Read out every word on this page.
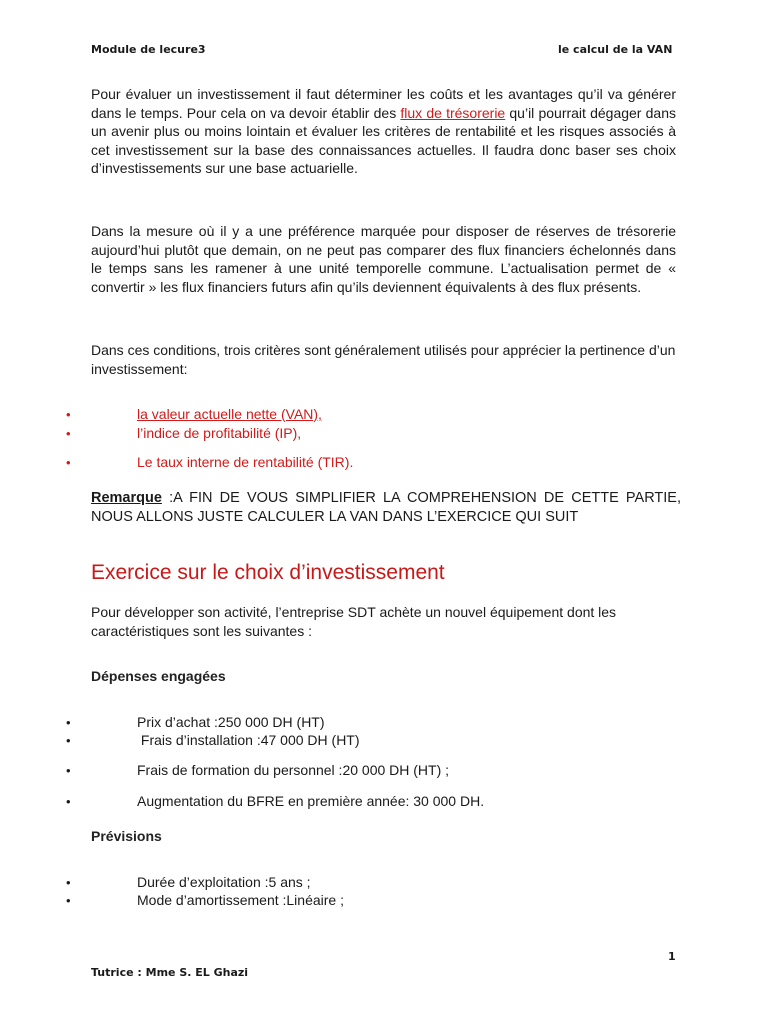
Module de lecure3	le calcul de la VAN

Pour évaluer un investissement il faut déterminer les coûts et les avantages qu’il va générer dans le temps. Pour cela on va devoir établir des flux de trésorerie qu’il pourrait dégager dans un avenir plus ou moins lointain et évaluer les critères de rentabilité et les risques associés à cet investissement sur la base des connaissances actuelles. Il faudra donc baser ses choix d’investissements sur une base actuarielle.

Dans la mesure où il y a une préférence marquée pour disposer de réserves de trésorerie aujourd’hui plutôt que demain, on ne peut pas comparer des flux financiers échelonnés dans le temps sans les ramener à une unité temporelle commune. L’actualisation permet de « convertir » les flux financiers futurs afin qu’ils deviennent équivalents à des flux présents.

Dans ces conditions, trois critères sont généralement utilisés pour apprécier la pertinence d’un investissement:

•	la valeur actuelle nette (VAN),
•	l’indice de profitabilité (IP),
•	Le taux interne de rentabilité (TIR).
Remarque :A FIN DE VOUS SIMPLIFIER LA COMPREHENSION DE CETTE PARTIE, NOUS ALLONS JUSTE CALCULER LA VAN DANS L’EXERCICE QUI SUIT
Exercice sur le choix d’investissement

Pour développer son activité, l’entreprise SDT achète un nouvel équipement dont les caractéristiques sont les suivantes :

Dépenses engagées
•	Prix d’achat :250 000 DH (HT)
•	Frais d’installation :47 000 DH (HT)
•	Frais de formation du personnel :20 000 DH (HT) ;
•	Augmentation du BFRE en première année: 30 000 DH.
Prévisions
•	Durée d’exploitation :5 ans ;
•	Mode d’amortissement :Linéaire ;
1
Tutrice : Mme S. EL Ghazi
